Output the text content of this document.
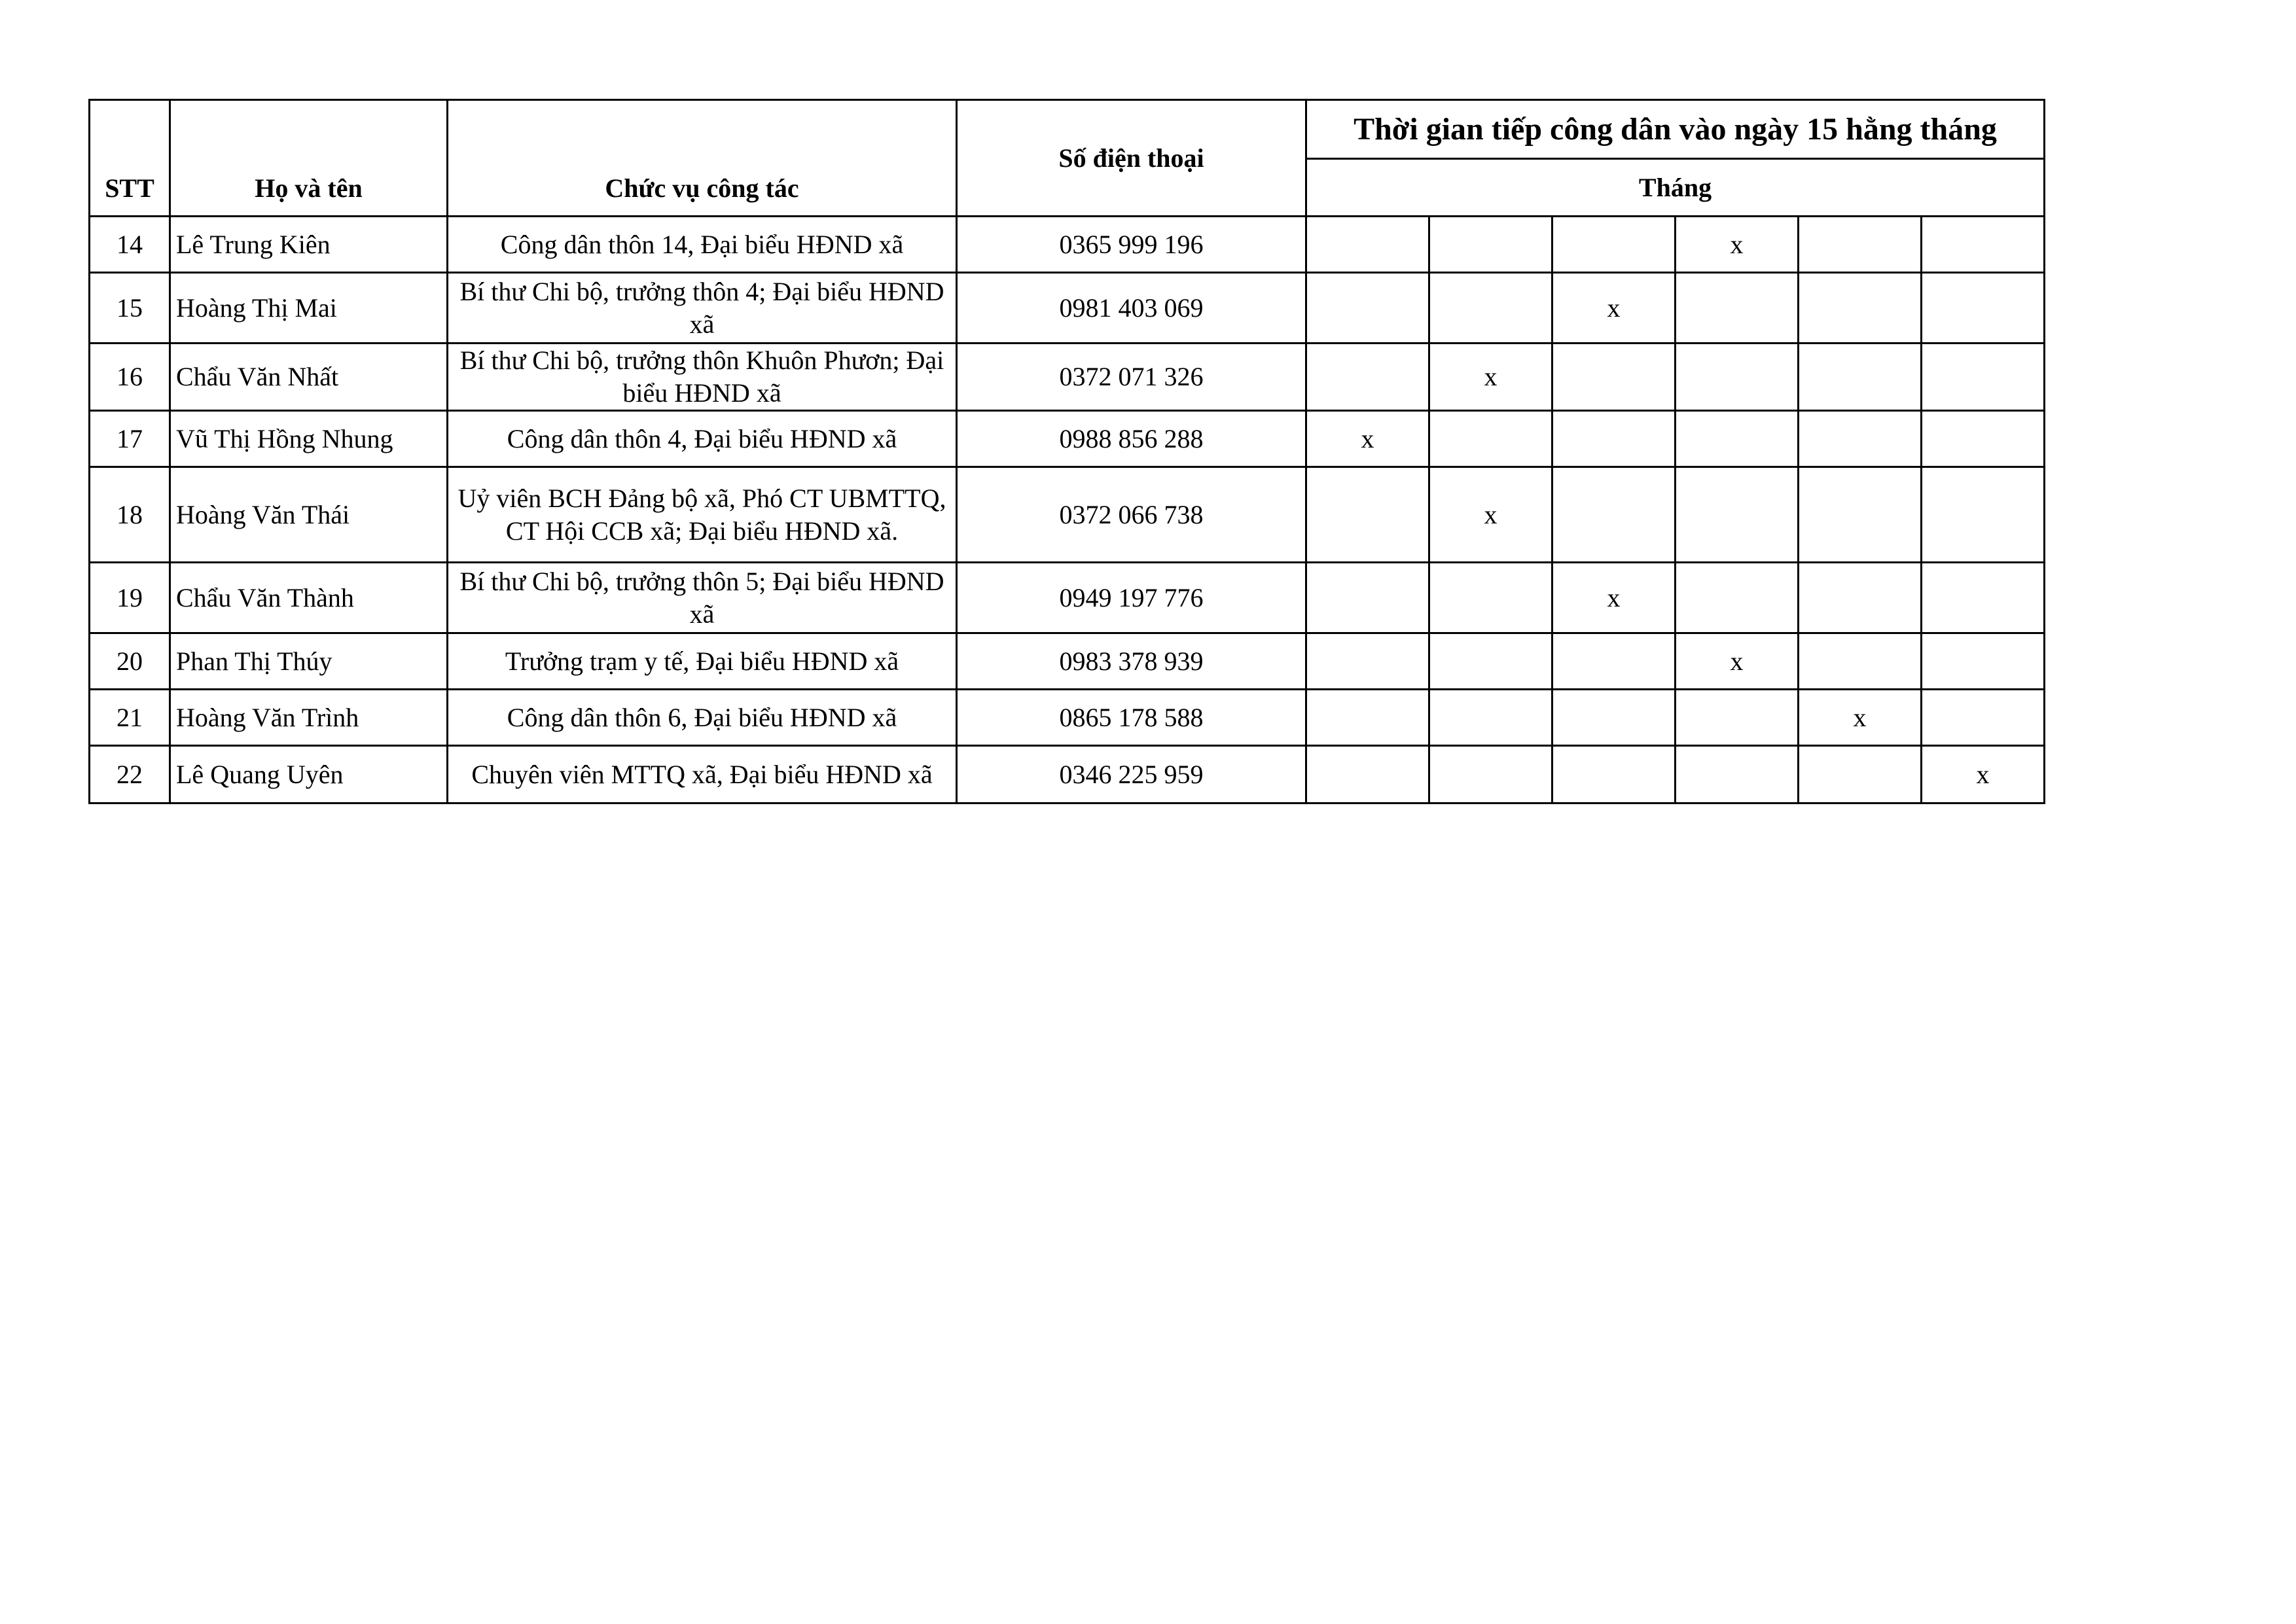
STT	Họ và tên	Chức vụ công tác	Số điện thoại	Thời gian tiếp công dân vào ngày 15 hằng tháng					
				Tháng					
14	Lê Trung Kiên	Công dân thôn 14, Đại biểu HĐND xã	0365 999 196				x		
15	Hoàng Thị Mai	Bí thư Chi bộ, trưởng thôn 4; Đại biểu HĐND xã	0981 403 069			x			
16	Chẩu Văn Nhất	Bí thư Chi bộ, trưởng thôn Khuôn Phươn; Đại biểu HĐND xã	0372 071 326		x				
17	Vũ Thị Hồng Nhung	Công dân thôn 4, Đại biểu HĐND xã	0988 856 288	x					
18	Hoàng Văn Thái	Uỷ viên BCH Đảng bộ xã, Phó CT UBMTTQ, CT Hội CCB xã; Đại biểu HĐND xã.	0372 066 738		x				
19	Chẩu Văn Thành	Bí thư Chi bộ, trưởng thôn 5; Đại biểu HĐND xã	0949 197 776			x			
20	Phan Thị Thúy	Trưởng trạm y tế, Đại biểu HĐND xã	0983 378 939				x		
21	Hoàng Văn Trình	Công dân thôn 6, Đại biểu HĐND xã	0865 178 588					x	
22	Lê Quang Uyên	Chuyên viên MTTQ xã, Đại biểu HĐND xã	0346 225 959						x
